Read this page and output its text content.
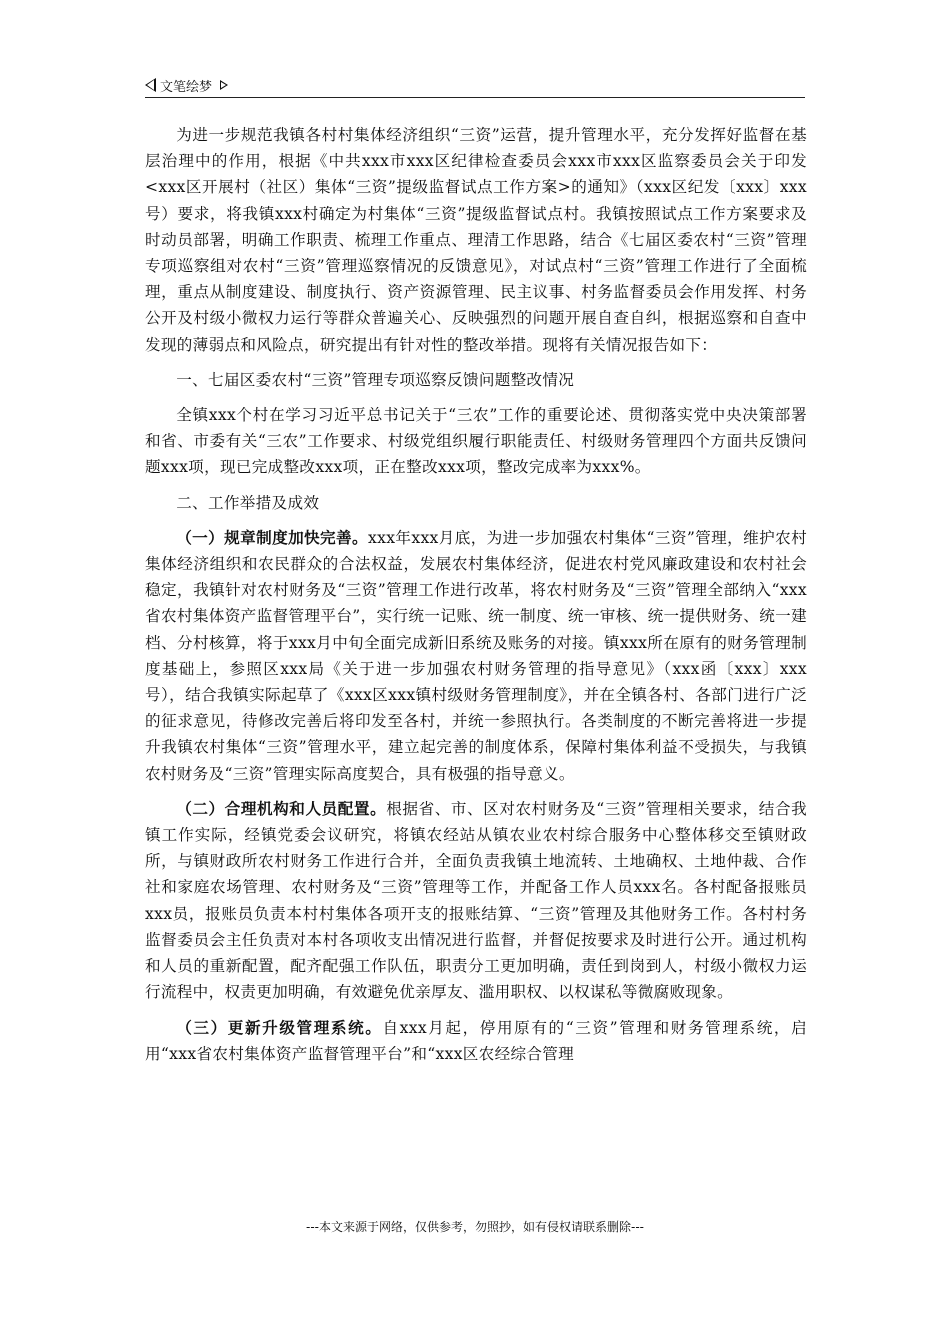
文笔绘梦

为进一步规范我镇各村村集体经济组织“三资”运营，提升管理水平，充分发挥好监督在基层治理中的作用，根据《中共xxx市xxx区纪律检查委员会xxx市xxx区监察委员会关于印发<xxx区开展村（社区）集体“三资”提级监督试点工作方案>的通知》（xxx区纪发〔xxx〕xxx号）要求，将我镇xxx村确定为村集体“三资”提级监督试点村。我镇按照试点工作方案要求及时动员部署，明确工作职责、梳理工作重点、理清工作思路，结合《七届区委农村“三资”管理专项巡察组对农村“三资”管理巡察情况的反馈意见》，对试点村“三资”管理工作进行了全面梳理，重点从制度建设、制度执行、资产资源管理、民主议事、村务监督委员会作用发挥、村务公开及村级小微权力运行等群众普遍关心、反映强烈的问题开展自查自纠，根据巡察和自查中发现的薄弱点和风险点，研究提出有针对性的整改举措。现将有关情况报告如下：

一、七届区委农村“三资”管理专项巡察反馈问题整改情况

全镇xxx个村在学习习近平总书记关于“三农”工作的重要论述、贯彻落实党中央决策部署和省、市委有关“三农”工作要求、村级党组织履行职能责任、村级财务管理四个方面共反馈问题xxx项，现已完成整改xxx项，正在整改xxx项，整改完成率为xxx%。

二、工作举措及成效

（一）规章制度加快完善。xxx年xxx月底，为进一步加强农村集体“三资”管理，维护农村集体经济组织和农民群众的合法权益，发展农村集体经济，促进农村党风廉政建设和农村社会稳定，我镇针对农村财务及“三资”管理工作进行改革，将农村财务及“三资”管理全部纳入“xxx省农村集体资产监督管理平台”，实行统一记账、统一制度、统一审核、统一提供财务、统一建档、分村核算，将于xxx月中旬全面完成新旧系统及账务的对接。镇xxx所在原有的财务管理制度基础上，参照区xxx局《关于进一步加强农村财务管理的指导意见》（xxx函〔xxx〕xxx号），结合我镇实际起草了《xxx区xxx镇村级财务管理制度》，并在全镇各村、各部门进行广泛的征求意见，待修改完善后将印发至各村，并统一参照执行。各类制度的不断完善将进一步提升我镇农村集体“三资”管理水平，建立起完善的制度体系，保障村集体利益不受损失，与我镇农村财务及“三资”管理实际高度契合，具有极强的指导意义。

（二）合理机构和人员配置。根据省、市、区对农村财务及“三资”管理相关要求，结合我镇工作实际，经镇党委会议研究，将镇农经站从镇农业农村综合服务中心整体移交至镇财政所，与镇财政所农村财务工作进行合并，全面负责我镇土地流转、土地确权、土地仲裁、合作社和家庭农场管理、农村财务及“三资”管理等工作，并配备工作人员xxx名。各村配备报账员xxx员，报账员负责本村村集体各项开支的报账结算、“三资”管理及其他财务工作。各村村务监督委员会主任负责对本村各项收支出情况进行监督，并督促按要求及时进行公开。通过机构和人员的重新配置，配齐配强工作队伍，职责分工更加明确，责任到岗到人，村级小微权力运行流程中，权责更加明确，有效避免优亲厚友、滥用职权、以权谋私等微腐败现象。

（三）更新升级管理系统。自xxx月起，停用原有的“三资”管理和财务管理系统，启用“xxx省农村集体资产监督管理平台”和“xxx区农经综合管理

---本文来源于网络，仅供参考，勿照抄，如有侵权请联系删除---
